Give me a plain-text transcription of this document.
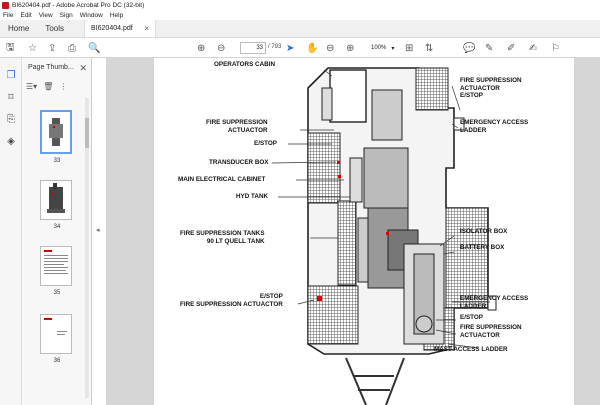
BI620404.pdf - Adobe Acrobat Pro DC (32-bit)
File Edit View Sign Window Help
Home	Tools	BI620404.pdf ×
🖫 ☆ ⇪ ⎙ 🔍	⊕ ⊖	33 / 793 ➤ ✋ ⊖ ⊕	100% ▾ ⊞ ⇅	💬 ✎ ✐ ✍ ⚐
❐
⌑
⎘
◈
Page Thumb... ✕
☰▾ 🗑 ⋮
33
34
35
36
◂
OPERATORS CABIN
FIRE SUPPRESSION
ACTUACTOR
E/STOP
TRANSDUCER BOX
MAIN ELECTRICAL CABINET
HYD TANK
FIRE SUPPRESSION TANKS
90 LT QUELL TANK
E/STOP
FIRE SUPPRESSION ACTUACTOR
FIRE SUPPRESSION
ACTUACTOR
E/STOP
EMERGENCY ACCESS
LADDER
ISOLATOR BOX
BATTERY BOX
EMERGENCY ACCESS
LADDER
E/STOP
FIRE SUPPRESSION
ACTUACTOR
MAST ACCESS LADDER
